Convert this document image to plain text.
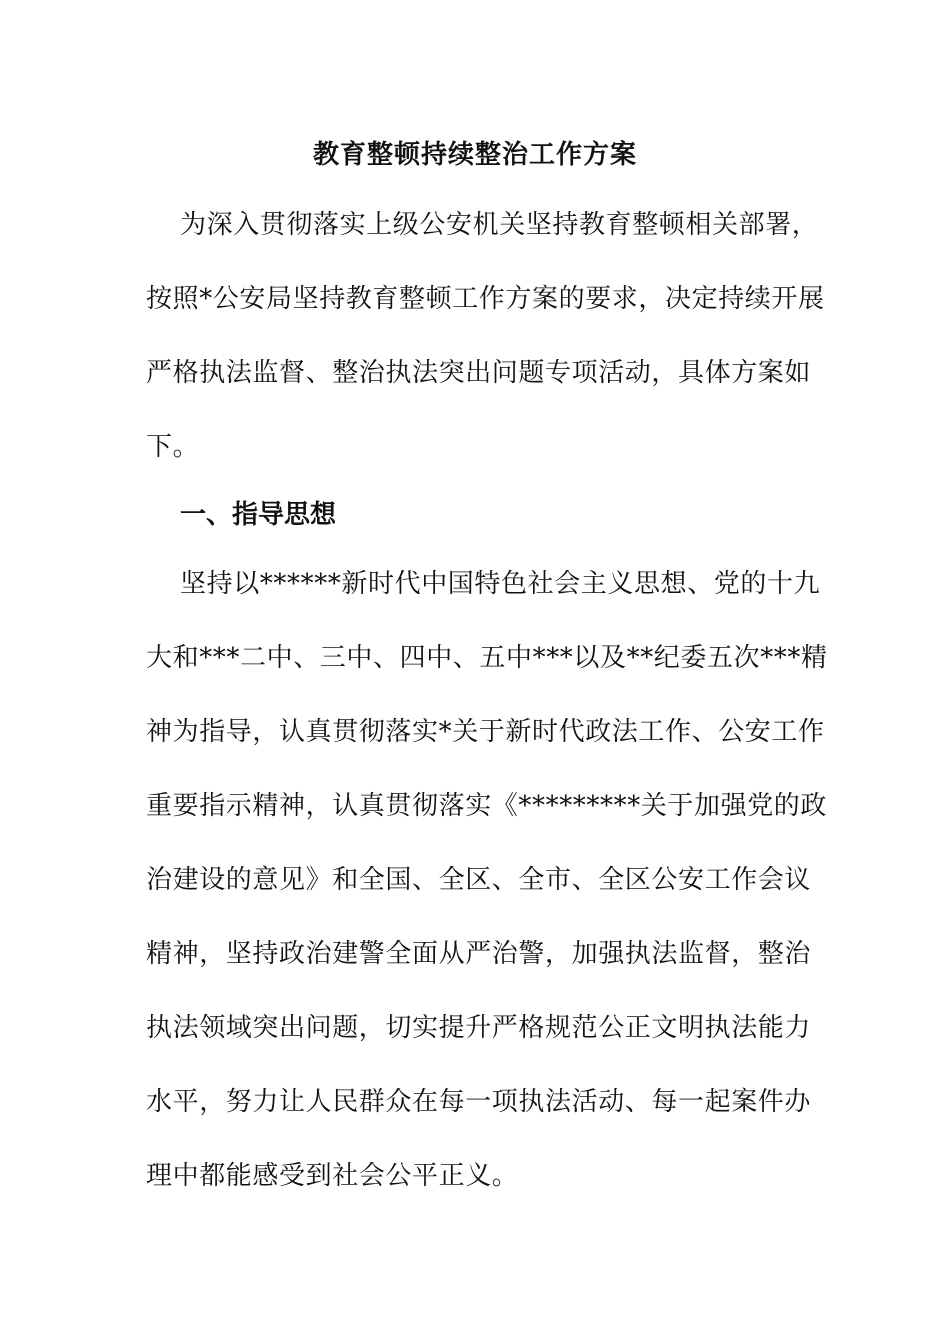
教育整顿持续整治工作方案
为深入贯彻落实上级公安机关坚持教育整顿相关部署，
按照*公安局坚持教育整顿工作方案的要求，决定持续开展
严格执法监督、整治执法突出问题专项活动，具体方案如
下。
一、指导思想
坚持以******新时代中国特色社会主义思想、党的十九
大和***二中、三中、四中、五中***以及**纪委五次***精
神为指导，认真贯彻落实*关于新时代政法工作、公安工作
重要指示精神，认真贯彻落实《*********关于加强党的政
治建设的意见》和全国、全区、全市、全区公安工作会议
精神，坚持政治建警全面从严治警，加强执法监督，整治
执法领域突出问题，切实提升严格规范公正文明执法能力
水平，努力让人民群众在每一项执法活动、每一起案件办
理中都能感受到社会公平正义。
